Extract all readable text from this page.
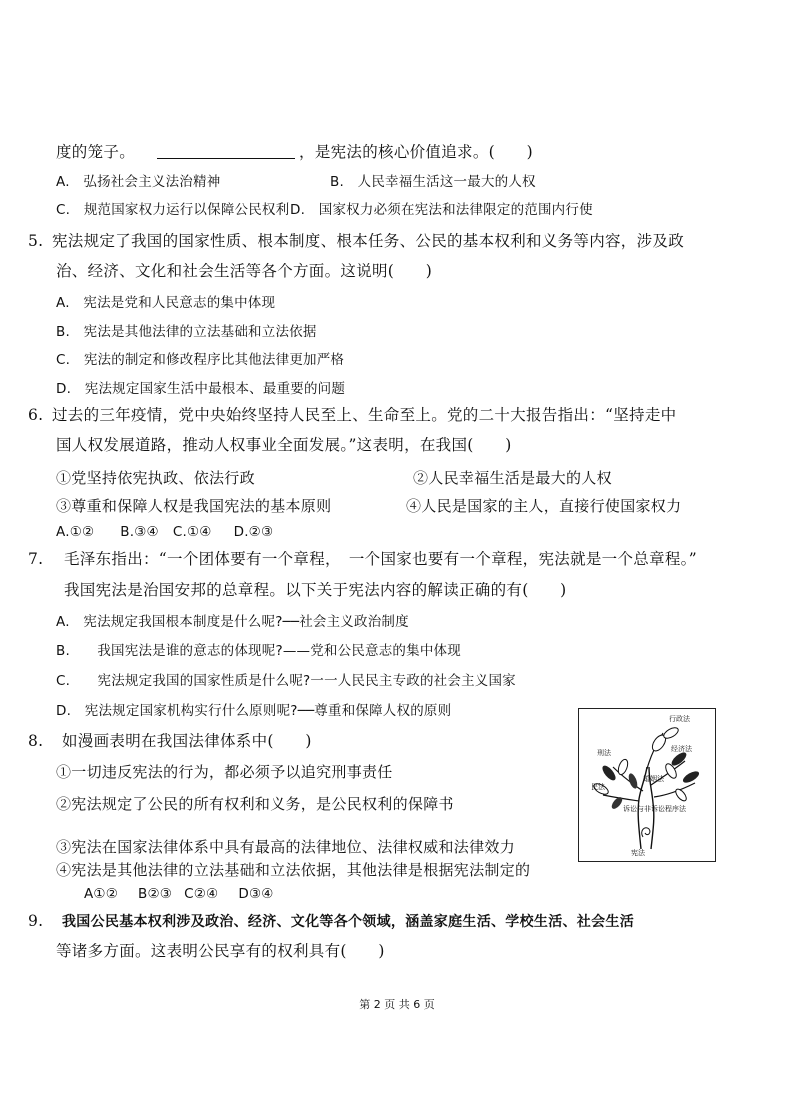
度的笼子。	，是宪法的核心价值追求。(　　)
A.　弘扬社会主义法治精神	B.　人民幸福生活这一最大的人权
C.　规范国家权力运行以保障公民权利 D.　国家权力必须在宪法和法律限定的范围内行使
5. 宪法规定了我国的国家性质、根本制度、根本任务、公民的基本权利和义务等内容，涉及政
治、经济、文化和社会生活等各个方面。这说明(　　)
A.　宪法是党和人民意志的集中体现
B.　宪法是其他法律的立法基础和立法依据
C.　宪法的制定和修改程序比其他法律更加严格
D.　宪法规定国家生活中最根本、最重要的问题
6. 过去的三年疫情，党中央始终坚持人民至上、生命至上。党的二十大报告指出：“坚持走中
国人权发展道路，推动人权事业全面发展。”这表明，在我国(　　)
①党坚持依宪执政、依法行政	②人民幸福生活是最大的人权
③尊重和保障人权是我国宪法的基本原则	④人民是国家的主人，直接行使国家权力
A.①② B.③④ C.①④ D.②③
7. 毛泽东指出：“一个团体要有一个章程，　一个国家也要有一个章程，宪法就是一个总章程。”
我国宪法是治国安邦的总章程。以下关于宪法内容的解读正确的有(　　)
A.　宪法规定我国根本制度是什么呢?──社会主义政治制度
B.　　我国宪法是谁的意志的体现呢?——党和公民意志的集中体现
C.　　宪法规定我国的国家性质是什么呢?一一人民民主专政的社会主义国家
D.　宪法规定国家机构实行什么原则呢?──尊重和保障人权的原则
8. 如漫画表明在我国法律体系中(　　)
①一切违反宪法的行为，都必须予以追究刑事责任
②宪法规定了公民的所有权利和义务，是公民权利的保障书
③宪法在国家法律体系中具有最高的法律地位、法律权威和法律效力
④宪法是其他法律的立法基础和立法依据，其他法律是根据宪法制定的
A①② B②③ C②④ D③④
行政法
刑法	经济法
民法
婚姻法
诉讼与非诉讼程序法
宪法
9. 我国公民基本权利涉及政治、经济、文化等各个领域，涵盖家庭生活、学校生活、社会生活
等诸多方面。这表明公民享有的权利具有(　　)
第 2 页 共 6 页
